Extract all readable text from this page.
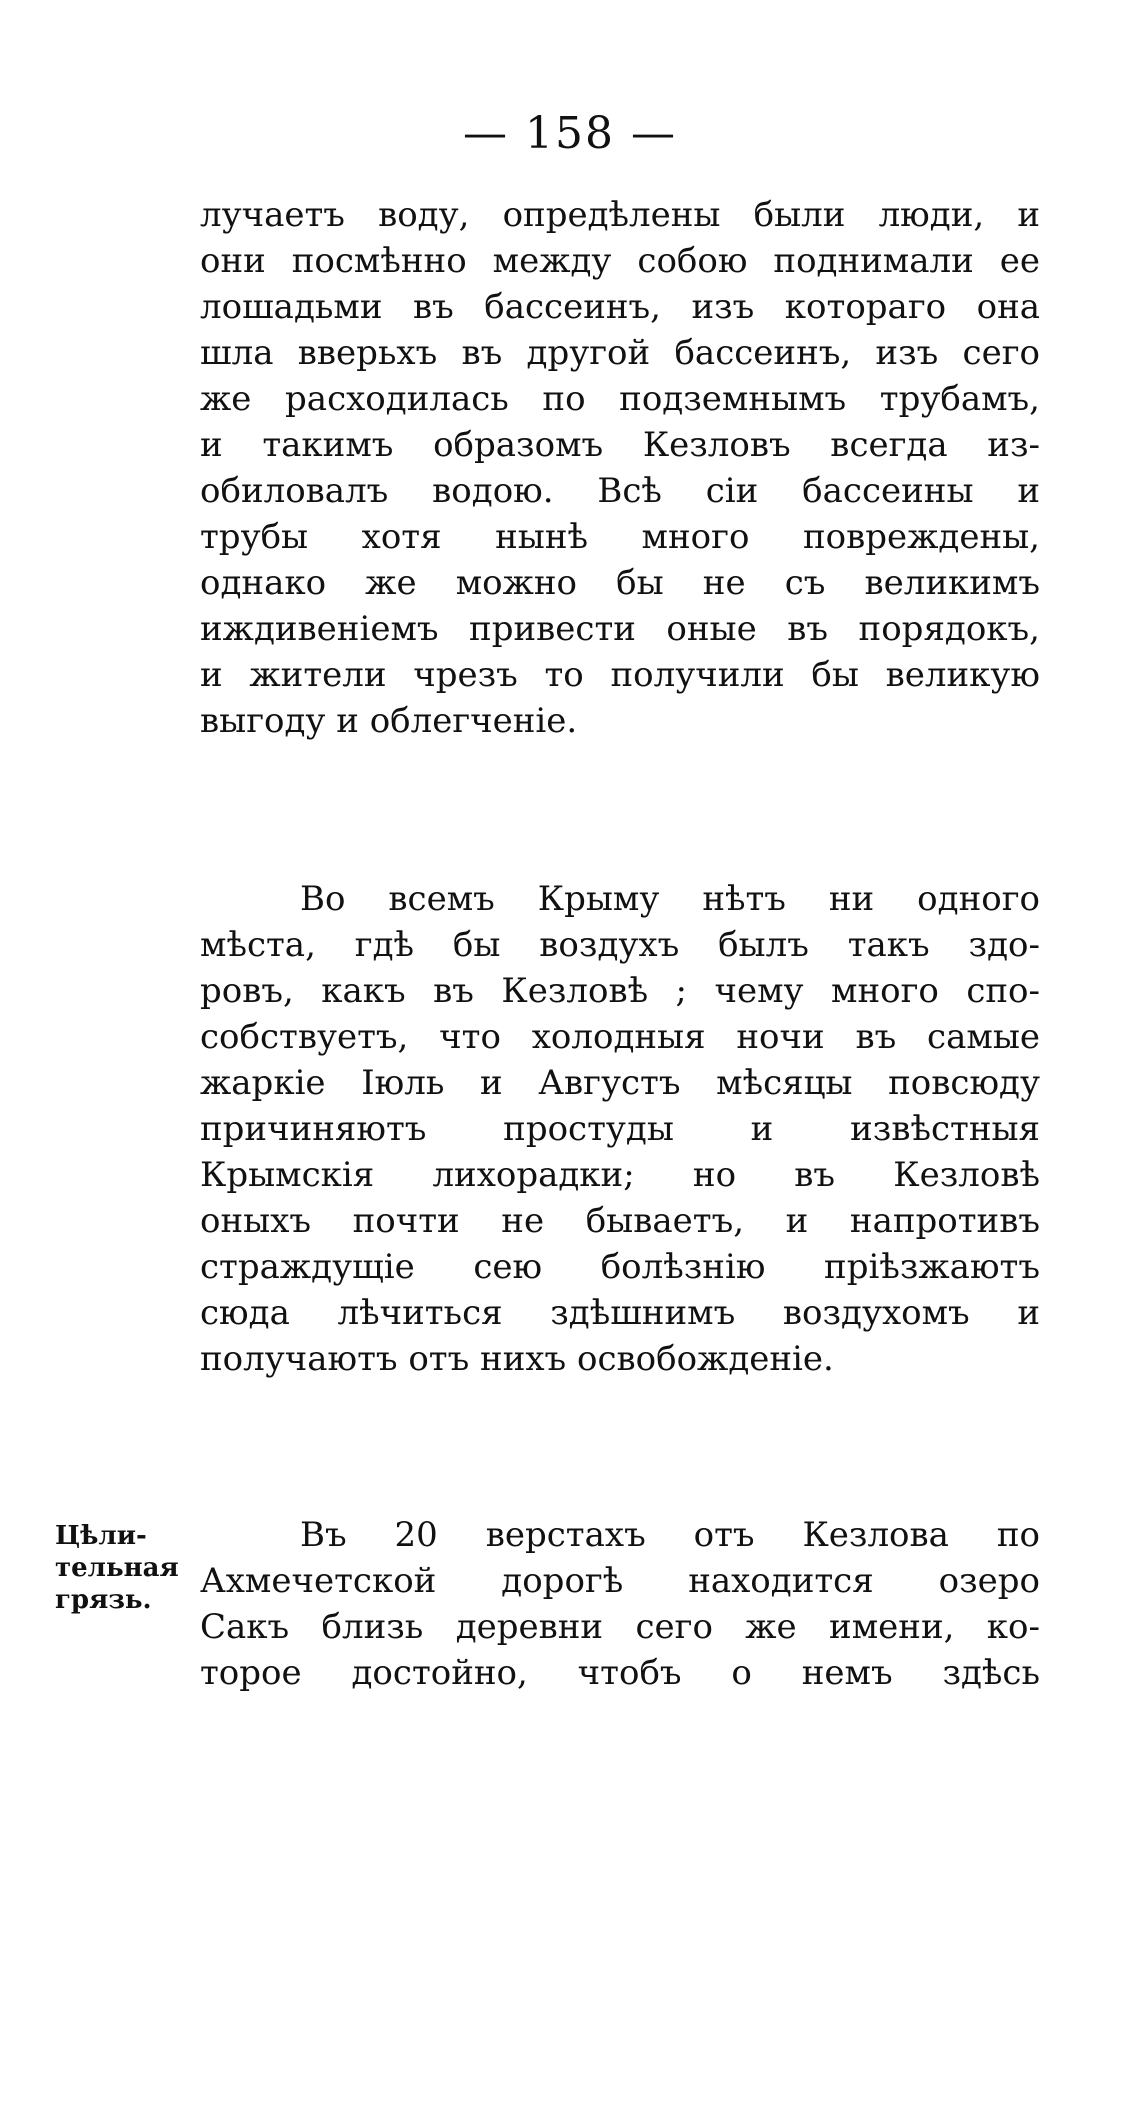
— 158 —
лучаетъ воду, опредѣлены были люди, и
они посмѣнно между собою поднимали ее
лошадьми въ бассеинъ, изъ котораго она
шла вверьхъ въ другой бассеинъ, изъ сего
же расходилась по подземнымъ трубамъ,
и такимъ образомъ Кезловъ всегда из-
обиловалъ водою. Всѣ сіи бассеины и
трубы хотя нынѣ много повреждены,
однако же можно бы не съ великимъ
иждивеніемъ привести оные въ порядокъ,
и жители чрезъ то получили бы великую
выгоду и облегченіе.
Во всемъ Крыму нѣтъ ни одного
мѣста, гдѣ бы воздухъ былъ такъ здо-
ровъ, какъ въ Кезловѣ ; чему много спо-
собствуетъ, что холодныя ночи въ самые
жаркіе Іюль и Августъ мѣсяцы повсюду
причиняютъ простуды и извѣстныя
Крымскія лихорадки; но въ Кезловѣ
оныхъ почти не бываетъ, и напротивъ
страждущіе сею болѣзнію пріѣзжаютъ
сюда лѣчиться здѣшнимъ воздухомъ и
получаютъ отъ нихъ освобожденіе.
Цѣли-
тельная
грязь.
Въ 20 верстахъ отъ Кезлова по
Ахмечетской дорогѣ находится озеро
Сакъ близь деревни сего же имени, ко-
торое достойно, чтобъ о немъ здѣсь
